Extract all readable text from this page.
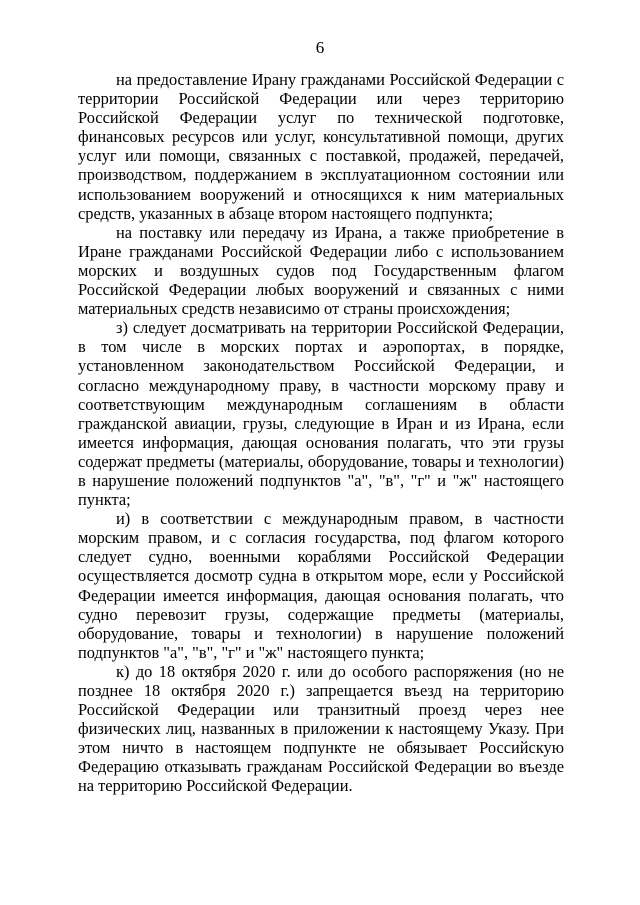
6

на предоставление Ирану гражданами Российской Федерации с территории Российской Федерации или через территорию Российской Федерации услуг по технической подготовке, финансовых ресурсов или услуг, консультативной помощи, других услуг или помощи, связанных с поставкой, продажей, передачей, производством, поддержанием в эксплуатационном состоянии или использованием вооружений и относящихся к ним материальных средств, указанных в абзаце втором настоящего подпункта;

на поставку или передачу из Ирана, а также приобретение в Иране гражданами Российской Федерации либо с использованием морских и воздушных судов под Государственным флагом Российской Федерации любых вооружений и связанных с ними материальных средств независимо от страны происхождения;

з) следует досматривать на территории Российской Федерации, в том числе в морских портах и аэропортах, в порядке, установленном законодательством Российской Федерации, и согласно международному праву, в частности морскому праву и соответствующим международным соглашениям в области гражданской авиации, грузы, следующие в Иран и из Ирана, если имеется информация, дающая основания полагать, что эти грузы содержат предметы (материалы, оборудование, товары и технологии) в нарушение положений подпунктов "а", "в", "г" и "ж" настоящего пункта;

и) в соответствии с международным правом, в частности морским правом, и с согласия государства, под флагом которого следует судно, военными кораблями Российской Федерации осуществляется досмотр судна в открытом море, если у Российской Федерации имеется информация, дающая основания полагать, что судно перевозит грузы, содержащие предметы (материалы, оборудование, товары и технологии) в нарушение положений подпунктов "а", "в", "г" и "ж" настоящего пункта;

к) до 18 октября 2020 г. или до особого распоряжения (но не позднее 18 октября 2020 г.) запрещается въезд на территорию Российской Федерации или транзитный проезд через нее физических лиц, названных в приложении к настоящему Указу. При этом ничто в настоящем подпункте не обязывает Российскую Федерацию отказывать гражданам Российской Федерации во въезде на территорию Российской Федерации.
